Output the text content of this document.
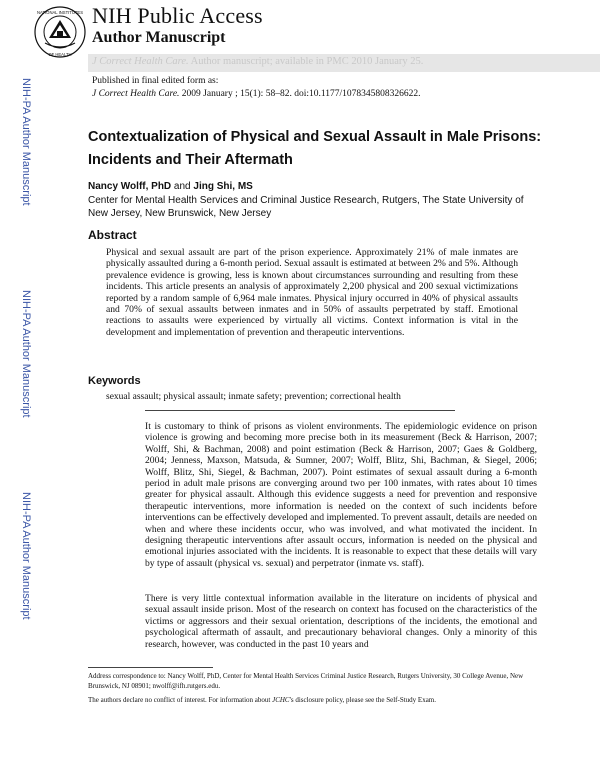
NATIONAL INSTITUTES
OF HEALTH
NIH Public Access
Author Manuscript
J Correct Health Care. Author manuscript; available in PMC 2010 January 25.
Published in final edited form as:
J Correct Health Care. 2009 January ; 15(1): 58–82. doi:10.1177/1078345808326622.
NIH-PA Author Manuscript
NIH-PA Author Manuscript
NIH-PA Author Manuscript
Contextualization of Physical and Sexual Assault in Male Prisons: Incidents and Their Aftermath
Nancy Wolff, PhD and Jing Shi, MS
Center for Mental Health Services and Criminal Justice Research, Rutgers, The State University of New Jersey, New Brunswick, New Jersey
Abstract
Physical and sexual assault are part of the prison experience. Approximately 21% of male inmates are physically assaulted during a 6-month period. Sexual assault is estimated at between 2% and 5%. Although prevalence evidence is growing, less is known about circumstances surrounding and resulting from these incidents. This article presents an analysis of approximately 2,200 physical and 200 sexual victimizations reported by a random sample of 6,964 male inmates. Physical injury occurred in 40% of physical assaults and 70% of sexual assaults between inmates and in 50% of assaults perpetrated by staff. Emotional reactions to assaults were experienced by virtually all victims. Context information is vital in the development and implementation of prevention and therapeutic interventions.
Keywords
sexual assault; physical assault; inmate safety; prevention; correctional health
It is customary to think of prisons as violent environments. The epidemiologic evidence on prison violence is growing and becoming more precise both in its measurement (Beck & Harrison, 2007; Wolff, Shi, & Bachman, 2008) and point estimation (Beck & Harrison, 2007; Gaes & Goldberg, 2004; Jenness, Maxson, Matsuda, & Sumner, 2007; Wolff, Blitz, Shi, Bachman, & Siegel, 2006; Wolff, Blitz, Shi, Siegel, & Bachman, 2007). Point estimates of sexual assault during a 6-month period in adult male prisons are converging around two per 100 inmates, with rates about 10 times greater for physical assault. Although this evidence suggests a need for prevention and responsive therapeutic interventions, more information is needed on the context of such incidents before interventions can be effectively developed and implemented. To prevent assault, details are needed on when and where these incidents occur, who was involved, and what motivated the incident. In designing therapeutic interventions after assault occurs, information is needed on the physical and emotional injuries associated with the incidents. It is reasonable to expect that these details will vary by type of assault (physical vs. sexual) and perpetrator (inmate vs. staff).
There is very little contextual information available in the literature on incidents of physical and sexual assault inside prison. Most of the research on context has focused on the characteristics of the victims or aggressors and their sexual orientation, descriptions of the incidents, the emotional and psychological aftermath of assault, and precautionary behavioral changes. Only a minority of this research, however, was conducted in the past 10 years and
Address correspondence to: Nancy Wolff, PhD, Center for Mental Health Services Criminal Justice Research, Rutgers University, 30 College Avenue, New Brunswick, NJ 08901; nwolff@ifh.rutgers.edu.
The authors declare no conflict of interest. For information about JCHC's disclosure policy, please see the Self-Study Exam.
